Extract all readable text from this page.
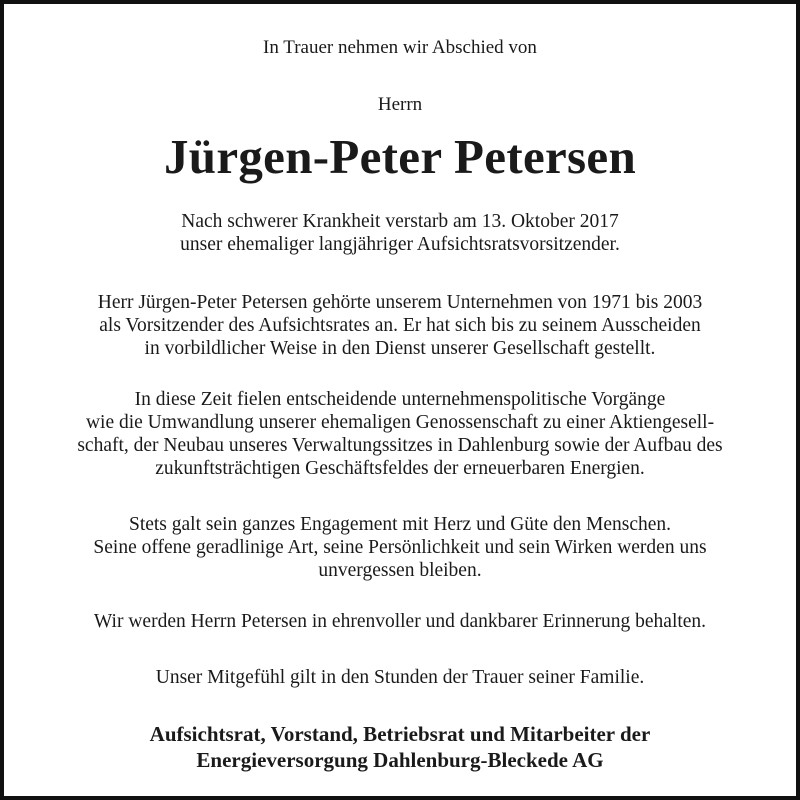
In Trauer nehmen wir Abschied von

Herrn

Jürgen-Peter Petersen

Nach schwerer Krankheit verstarb am 13. Oktober 2017
unser ehemaliger langjähriger Aufsichtsratsvorsitzender.
Herr Jürgen-Peter Petersen gehörte unserem Unternehmen von 1971 bis 2003
als Vorsitzender des Aufsichtsrates an. Er hat sich bis zu seinem Ausscheiden
in vorbildlicher Weise in den Dienst unserer Gesellschaft gestellt.
In diese Zeit fielen entscheidende unternehmenspolitische Vorgänge
wie die Umwandlung unserer ehemaligen Genossenschaft zu einer Aktiengesell-
schaft, der Neubau unseres Verwaltungssitzes in Dahlenburg sowie der Aufbau des
zukunftsträchtigen Geschäftsfeldes der erneuerbaren Energien.
Stets galt sein ganzes Engagement mit Herz und Güte den Menschen.
Seine offene geradlinige Art, seine Persönlichkeit und sein Wirken werden uns
unvergessen bleiben.
Wir werden Herrn Petersen in ehrenvoller und dankbarer Erinnerung behalten.
Unser Mitgefühl gilt in den Stunden der Trauer seiner Familie.
Aufsichtsrat, Vorstand, Betriebsrat und Mitarbeiter der
Energieversorgung Dahlenburg-Bleckede AG
